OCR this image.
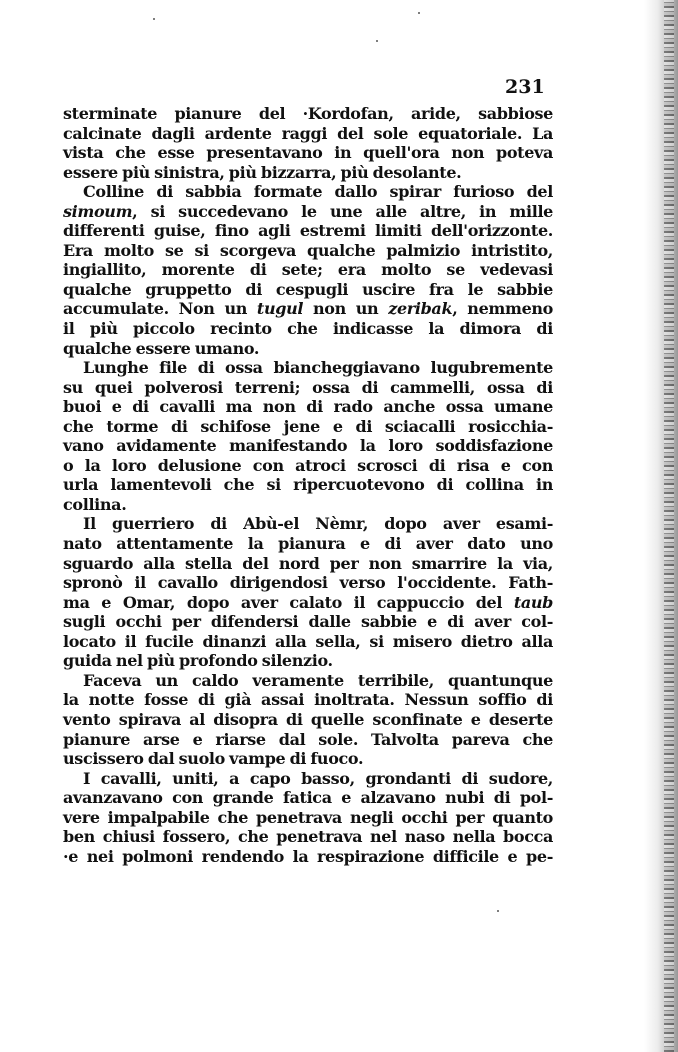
231
sterminate pianure del ·Kordofan, aride, sabbiose
calcinate dagli ardente raggi del sole equatoriale. La
vista che esse presentavano in quell'ora non poteva
essere più sinistra, più bizzarra, più desolante.
Colline di sabbia formate dallo spirar furioso del
simoum, si succedevano le une alle altre, in mille
differenti guise, fino agli estremi limiti dell'orizzonte.
Era molto se si scorgeva qualche palmizio intristito,
ingiallito, morente di sete; era molto se vedevasi
qualche gruppetto di cespugli uscire fra le sabbie
accumulate. Non un tugul non un zeribak, nemmeno
il più piccolo recinto che indicasse la dimora di
qualche essere umano.
Lunghe file di ossa biancheggiavano lugubremente
su quei polverosi terreni; ossa di cammelli, ossa di
buoi e di cavalli ma non di rado anche ossa umane
che torme di schifose jene e di sciacalli rosicchia-
vano avidamente manifestando la loro soddisfazione
o la loro delusione con atroci scrosci di risa e con
urla lamentevoli che si ripercuotevono di collina in
collina.
Il guerriero di Abù-el Nèmr, dopo aver esami-
nato attentamente la pianura e di aver dato uno
sguardo alla stella del nord per non smarrire la via,
spronò il cavallo dirigendosi verso l'occidente. Fath-
ma e Omar, dopo aver calato il cappuccio del taub
sugli occhi per difendersi dalle sabbie e di aver col-
locato il fucile dinanzi alla sella, si misero dietro alla
guida nel più profondo silenzio.
Faceva un caldo veramente terribile, quantunque
la notte fosse di già assai inoltrata. Nessun soffio di
vento spirava al disopra di quelle sconfinate e deserte
pianure arse e riarse dal sole. Talvolta pareva che
uscissero dal suolo vampe di fuoco.
I cavalli, uniti, a capo basso, grondanti di sudore,
avanzavano con grande fatica e alzavano nubi di pol-
vere impalpabile che penetrava negli occhi per quanto
ben chiusi fossero, che penetrava nel naso nella bocca
·e nei polmoni rendendo la respirazione difficile e pe-
